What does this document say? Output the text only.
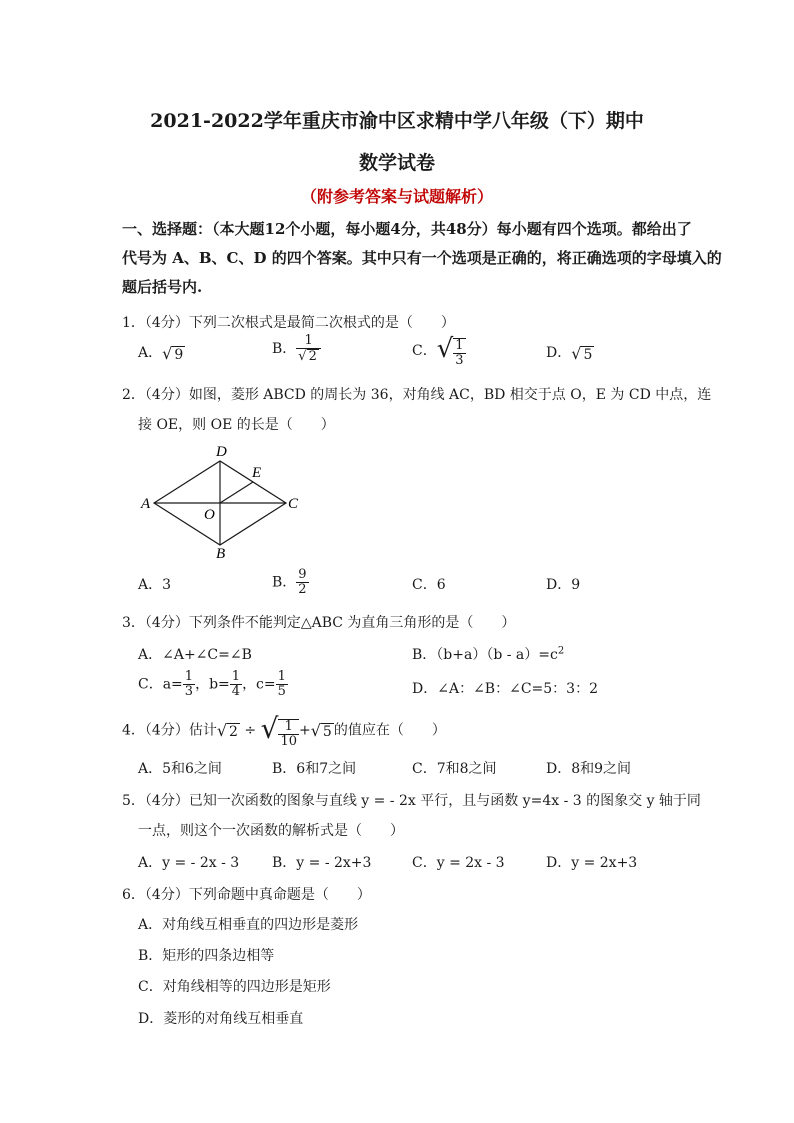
2021-2022学年重庆市渝中区求精中学八年级（下）期中
数学试卷
（附参考答案与试题解析）
一、选择题：（本大题12个小题，每小题4分，共48分）每小题有四个选项。都给出了
代号为 A、B、C、D 的四个答案。其中只有一个选项是正确的，将正确选项的字母填入的
题后括号内.
1．（4分）下列二次根式是最简二次根式的是（　　）
A．√ 9	B． $\frac{1}{√ 2}$	C．√ $\frac{1}{3}$	D．√ 5
2．（4分）如图，菱形 ABCD 的周长为 36，对角线 AC，BD 相交于点 O，E 为 CD 中点，连
接 OE，则 OE 的长是（　　）
A
D
E
C
O
B
A．3	B． $\frac{9}{2}$	C．6	D．9
3．（4分）下列条件不能判定△ABC 为直角三角形的是（　　）
A．∠A+∠C=∠B	B．$(b+a)(b - a)=c^2$
C．$a= \frac{1}{3}$ ，$b= \frac{1}{4}$ ，$c= \frac{1}{5}$	D．∠A：∠B：∠C=5：3：2
4．（4分）估计√ 2 ÷ √ $\frac{1}{10}$ +√ 5 的值应在（　　）
A．5和6之间	B．6和7之间	C．7和8之间	D．8和9之间
5．（4分）已知一次函数的图象与直线 y = - 2x 平行，且与函数 y=4x - 3 的图象交 y 轴于同
一点，则这个一次函数的解析式是（　　）
A．y = - 2x - 3 B．y = - 2x+3	C．y = 2x - 3	D．y = 2x+3
6．（4分）下列命题中真命题是（　　）
A．对角线互相垂直的四边形是菱形
B．矩形的四条边相等
C．对角线相等的四边形是矩形
D．菱形的对角线互相垂直
